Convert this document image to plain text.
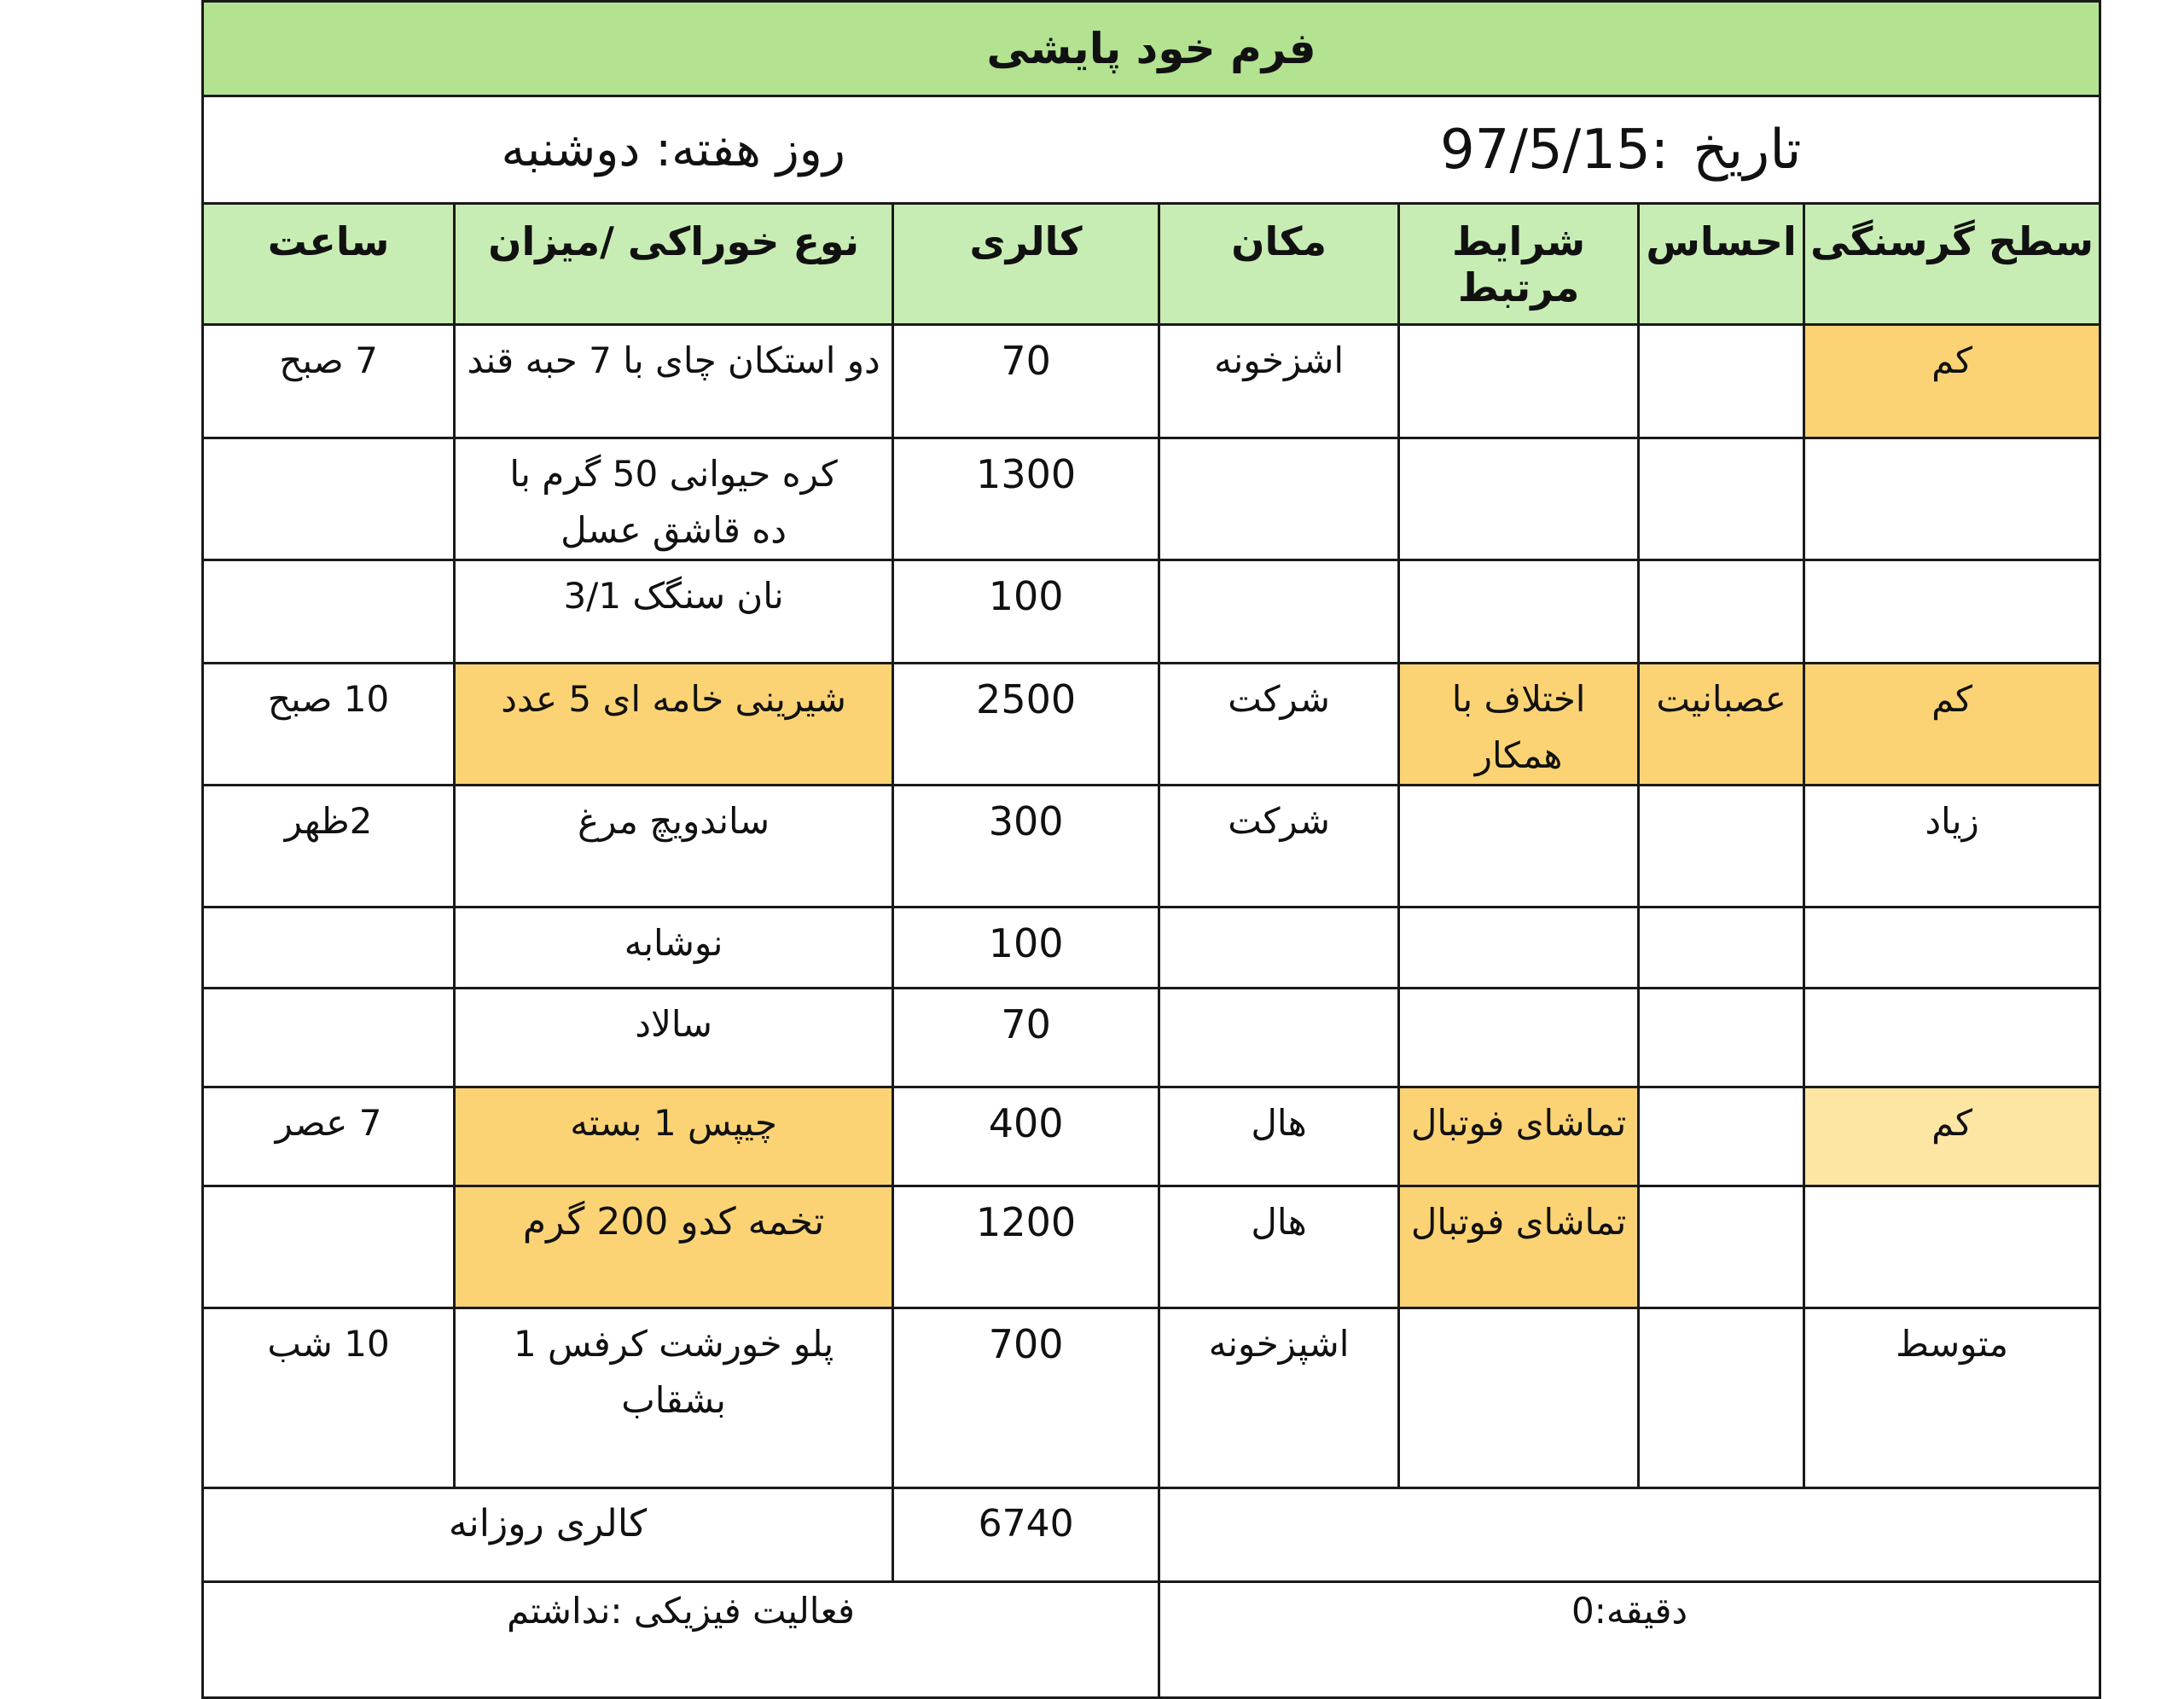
فرم خود پایشی						

تاریخ
97/5/15:
روز هفته:
دوشنبه						

سطح گرسنگی	احساس	شرایط مرتبط	مکان	کالری	نوع خوراکی /میزان	ساعت
کم			اشزخونه	70	دو استکان چای با 7 حبه قند	7 صبح
				1300	کره حیوانی 50 گرم با ده قاشق عسل	
				100	نان سنگک 3/1	
کم	عصبانیت	اختلاف با همکار	شرکت	2500	شیرینی خامه ای 5 عدد	10 صبح
زیاد			شرکت	300	ساندویچ مرغ	2ظهر
				100	نوشابه	
				70	سالاد	
کم		تماشای فوتبال	هال	400	چیپس 1 بسته	7 عصر
		تماشای فوتبال	هال	1200	تخمه کدو 200 گرم	
متوسط			اشپزخونه	700	پلو خورشت کرفس 1 بشقاب	10 شب
				6740	کالری روزانه	
دقیقه:0				فعالیت فیزیکی :نداشتم		
